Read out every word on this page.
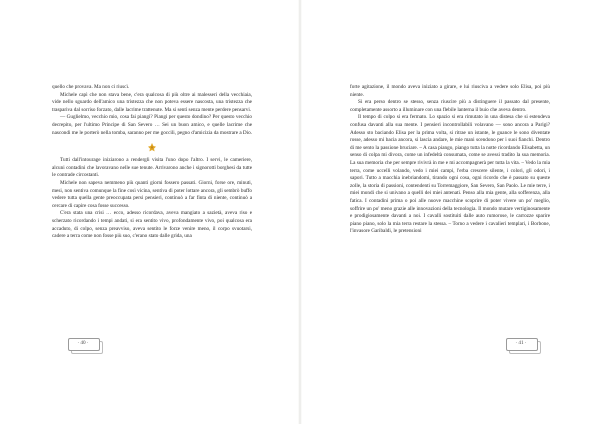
quello che provava. Ma non ci riuscì.

Michele capì che non stava bene, c'era qualcosa di più oltre ai malesseri della vecchiaia, vide nello sguardo dell'amico una tristezza che non poteva essere nascosta, una tristezza che traspariva dal sorriso forzato, dalle lacrime trattenute. Ma si sentì senza mente perdere pensarvi.

— Guglielmo, vecchio mio, cosa fai piangi? Piangi per questo dondino? Per questo vecchio decrepito, per l'ultimo Principe di San Severo … Sei un buon amico, e quelle lacrime che nascondi me le porterò nella tomba, saranno per me goccili, pegno d'amicizia da mostrare a Dio.

Tutti dall'intourage iniziarono a rendergli visita l'uno dopo l'altro. I servi, le cameriere, alcuni contadini che lavoravano nelle sue tenute. Arrivarono anche i signorotti borghesi da tutte le contrade circostanti.

Michele non sapeva nemmeno più quanti giorni fossero passati. Giorni, forse ore, minuti, mesi, non sentiva comunque la fine così vicina, sentiva di poter lottare ancora, gli sembrò buffo vedere tutta quella gente preoccupata persi pensieri, continuò a far finta di niente, continuò a cercare di capire cosa fosse successo.

C'era stata una crisi … ecco, adesso ricordava, aveva mangiato a sazietà, aveva riso e scherzato ricordando i tempi andati, si era sentito vivo, profondamente vivo, poi qualcosa era accaduto, di colpo, senza preavviso, aveva sentito le forze venire meno, il corpo svuotarsi, cadere a terra come non fosse più suo, c'erano stato dalle grida, una

· 40 ·

forte agitazione, il mondo aveva iniziato a girare, e lui riusciva a vedere solo Elisa, poi più niente.

Si era perso dentro se stesso, senza riuscire più a distinguere il passato dal presente, completamente assorto a illuminare con una flebile lanterna il buio che aveva dentro.

Il tempo di colpo si era fermato. Lo spazio si era rimutato in una distesa che si estendeva confusa davanti alla sua mente. I pensieri incontrollabili volavano — sono ancora a Parigi? Adesso sto baciando Elisa per la prima volta, si ritrae un istante, le guance le sono diventate rosse, adesso mi bacia ancora, si lascia andare, le mie mani scendono per i suoi fianchi. Dentro di me sento la passione bruciare. – A casa piango, piango tutta la notte ricordando Elisabetta, un senso di colpa mi divora, come un infedeltà consumata, come se avessi tradito la sua memoria. La sua memoria che per sempre rivivrà in me e mi accompagnerà per tutta la vita. – Vedo la mia terra, come uccelli volando, vedo i miei campi, l'erba crescere silente, i colori, gli odori, i sapori. Tutto a macchia inebriandomi, tirando ogni cosa, ogni ricordo che è passato su queste zolle, la storia di passioni, contendenti su Torremaggiore, San Severo, San Paolo. Le mie terre, i miei mondi che si univano a quelli dei miei antenati. Penso alla mia gente, alla sofferenza, alla fatica. I contadini prima o poi alle nuove macchine scoprire di poter vivere un po' meglio, soffrire un po' meno grazie alle innovazioni della tecnologia. Il mondo mutare vertiginosamente e prodigiosamente davanti a noi. I cavalli sostituiti dalle auto rumorose, le carrozze sparire piano piano, solo la mia terra restare la stessa. – Torno a vedere i cavalieri templari, i Borbone, l'invasore Garibaldi, le pretensioni

· 41 ·
